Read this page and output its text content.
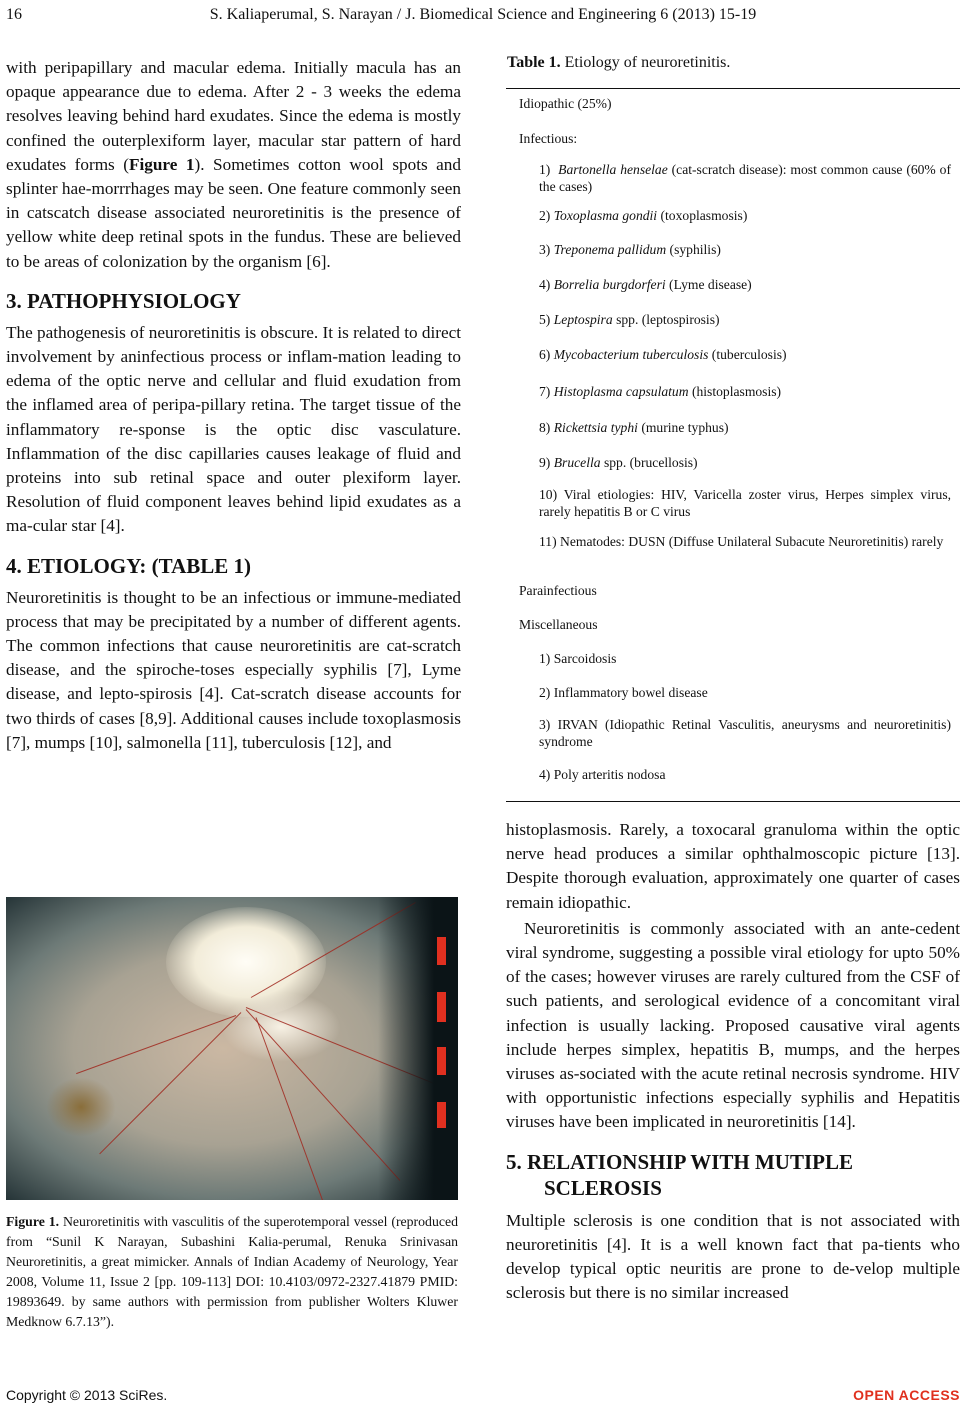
16	S. Kaliaperumal, S. Narayan / J. Biomedical Science and Engineering 6 (2013) 15-19

with peripapillary and macular edema. Initially macula has an opaque appearance due to edema. After 2 - 3 weeks the edema resolves leaving behind hard exudates. Since the edema is mostly confined the outerplexiform layer, macular star pattern of hard exudates forms (Figure 1). Sometimes cotton wool spots and splinter hae-morrrhages may be seen. One feature commonly seen in catscatch disease associated neuroretinitis is the presence of yellow white deep retinal spots in the fundus. These are believed to be areas of colonization by the organism [6].

3. PATHOPHYSIOLOGY

The pathogenesis of neuroretinitis is obscure. It is related to direct involvement by aninfectious process or inflam-mation leading to edema of the optic nerve and cellular and fluid exudation from the inflamed area of peripa-pillary retina. The target tissue of the inflammatory re-sponse is the optic disc vasculature. Inflammation of the disc capillaries causes leakage of fluid and proteins into sub retinal space and outer plexiform layer. Resolution of fluid component leaves behind lipid exudates as a ma-cular star [4].

4. ETIOLOGY: (TABLE 1)

Neuroretinitis is thought to be an infectious or immune-mediated process that may be precipitated by a number of different agents. The common infections that cause neuroretinitis are cat-scratch disease, and the spiroche-toses especially syphilis [7], Lyme disease, and lepto-spirosis [4]. Cat-scratch disease accounts for two thirds of cases [8,9]. Additional causes include toxoplasmosis [7], mumps [10], salmonella [11], tuberculosis [12], and

Figure 1. Neuroretinitis with vasculitis of the superotemporal vessel (reproduced from “Sunil K Narayan, Subashini Kalia-perumal, Renuka Srinivasan Neuroretinitis, a great mimicker. Annals of Indian Academy of Neurology, Year 2008, Volume 11, Issue 2 [pp. 109-113] DOI: 10.4103/0972-2327.41879 PMID: 19893649. by same authors with permission from publisher Wolters Kluwer Medknow 6.7.13”).
Table 1. Etiology of neuroretinitis.
Idiopathic (25%)
Infectious:
1) Bartonella henselae (cat-scratch disease): most common cause (60% of the cases)
2) Toxoplasma gondii (toxoplasmosis)
3) Treponema pallidum (syphilis)
4) Borrelia burgdorferi (Lyme disease)
5) Leptospira spp. (leptospirosis)
6) Mycobacterium tuberculosis (tuberculosis)
7) Histoplasma capsulatum (histoplasmosis)
8) Rickettsia typhi (murine typhus)
9) Brucella spp. (brucellosis)
10) Viral etiologies: HIV, Varicella zoster virus, Herpes simplex virus, rarely hepatitis B or C virus
11) Nematodes: DUSN (Diffuse Unilateral Subacute Neuroretinitis) rarely
Parainfectious
Miscellaneous
1) Sarcoidosis
2) Inflammatory bowel disease
3) IRVAN (Idiopathic Retinal Vasculitis, aneurysms and neuroretinitis) syndrome
4) Poly arteritis nodosa

histoplasmosis. Rarely, a toxocaral granuloma within the optic nerve head produces a similar ophthalmoscopic picture [13]. Despite thorough evaluation, approximately one quarter of cases remain idiopathic.

Neuroretinitis is commonly associated with an ante-cedent viral syndrome, suggesting a possible viral etiology for upto 50% of the cases; however viruses are rarely cultured from the CSF of such patients, and serological evidence of a concomitant viral infection is usually lacking. Proposed causative viral agents include herpes simplex, hepatitis B, mumps, and the herpes viruses as-sociated with the acute retinal necrosis syndrome. HIV with opportunistic infections especially syphilis and Hepatitis viruses have been implicated in neuroretinitis [14].

5. RELATIONSHIP WITH MUTIPLE
SCLEROSIS

Multiple sclerosis is one condition that is not associated with neuroretinitis [4]. It is a well known fact that pa-tients who develop typical optic neuritis are prone to de-velop multiple sclerosis but there is no similar increased

Copyright © 2013 SciRes.	OPEN ACCESS
